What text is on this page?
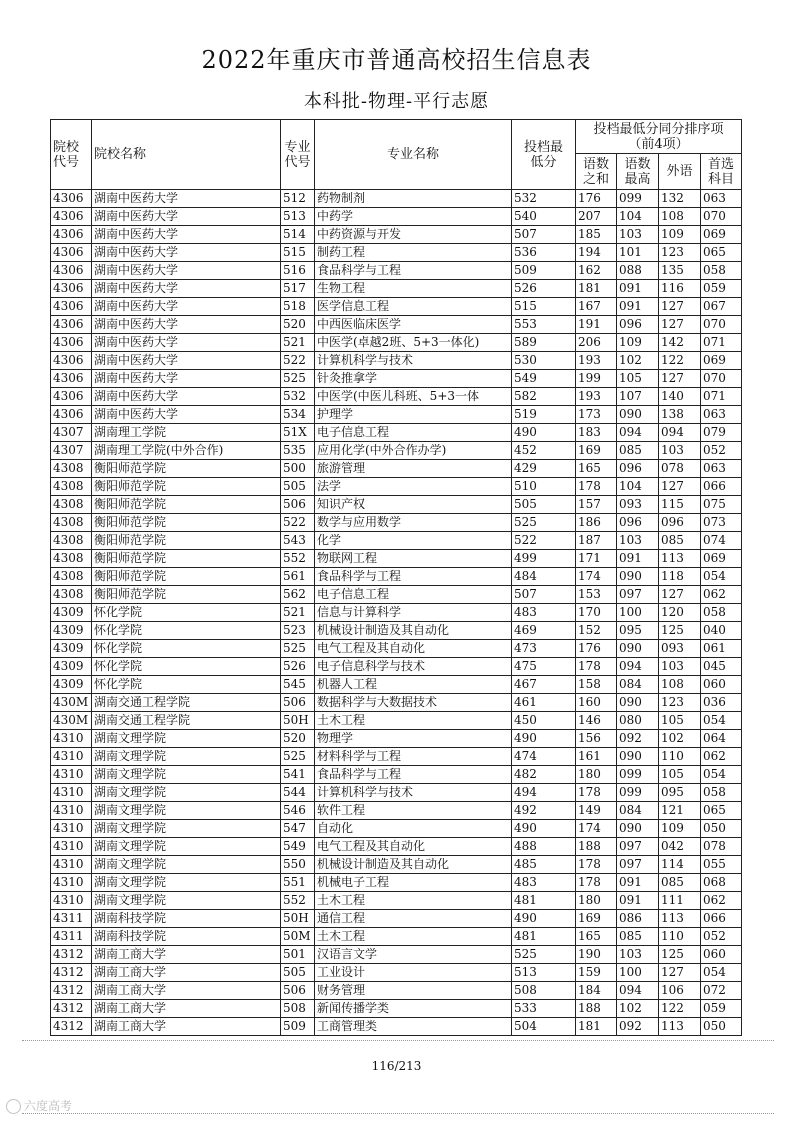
2022年重庆市普通高校招生信息表
本科批-物理-平行志愿
院校代号	院校名称	专业代号	专业名称	投档最低分	投档最低分同分排序项（前4项）			
					语数之和	语数最高	外语	首选科目
4306	湖南中医药大学	512	药物制剂	532	176	099	132	063
4306	湖南中医药大学	513	中药学	540	207	104	108	070
4306	湖南中医药大学	514	中药资源与开发	507	185	103	109	069
4306	湖南中医药大学	515	制药工程	536	194	101	123	065
4306	湖南中医药大学	516	食品科学与工程	509	162	088	135	058
4306	湖南中医药大学	517	生物工程	526	181	091	116	059
4306	湖南中医药大学	518	医学信息工程	515	167	091	127	067
4306	湖南中医药大学	520	中西医临床医学	553	191	096	127	070
4306	湖南中医药大学	521	中医学(卓越2班、5+3一体化)	589	206	109	142	071
4306	湖南中医药大学	522	计算机科学与技术	530	193	102	122	069
4306	湖南中医药大学	525	针灸推拿学	549	199	105	127	070
4306	湖南中医药大学	532	中医学(中医儿科班、5+3一体	582	193	107	140	071
4306	湖南中医药大学	534	护理学	519	173	090	138	063
4307	湖南理工学院	51X	电子信息工程	490	183	094	094	079
4307	湖南理工学院(中外合作)	535	应用化学(中外合作办学)	452	169	085	103	052
4308	衡阳师范学院	500	旅游管理	429	165	096	078	063
4308	衡阳师范学院	505	法学	510	178	104	127	066
4308	衡阳师范学院	506	知识产权	505	157	093	115	075
4308	衡阳师范学院	522	数学与应用数学	525	186	096	096	073
4308	衡阳师范学院	543	化学	522	187	103	085	074
4308	衡阳师范学院	552	物联网工程	499	171	091	113	069
4308	衡阳师范学院	561	食品科学与工程	484	174	090	118	054
4308	衡阳师范学院	562	电子信息工程	507	153	097	127	062
4309	怀化学院	521	信息与计算科学	483	170	100	120	058
4309	怀化学院	523	机械设计制造及其自动化	469	152	095	125	040
4309	怀化学院	525	电气工程及其自动化	473	176	090	093	061
4309	怀化学院	526	电子信息科学与技术	475	178	094	103	045
4309	怀化学院	545	机器人工程	467	158	084	108	060
430M	湖南交通工程学院	506	数据科学与大数据技术	461	160	090	123	036
430M	湖南交通工程学院	50H	土木工程	450	146	080	105	054
4310	湖南文理学院	520	物理学	490	156	092	102	064
4310	湖南文理学院	525	材料科学与工程	474	161	090	110	062
4310	湖南文理学院	541	食品科学与工程	482	180	099	105	054
4310	湖南文理学院	544	计算机科学与技术	494	178	099	095	058
4310	湖南文理学院	546	软件工程	492	149	084	121	065
4310	湖南文理学院	547	自动化	490	174	090	109	050
4310	湖南文理学院	549	电气工程及其自动化	488	188	097	042	078
4310	湖南文理学院	550	机械设计制造及其自动化	485	178	097	114	055
4310	湖南文理学院	551	机械电子工程	483	178	091	085	068
4310	湖南文理学院	552	土木工程	481	180	091	111	062
4311	湖南科技学院	50H	通信工程	490	169	086	113	066
4311	湖南科技学院	50M	土木工程	481	165	085	110	052
4312	湖南工商大学	501	汉语言文学	525	190	103	125	060
4312	湖南工商大学	505	工业设计	513	159	100	127	054
4312	湖南工商大学	506	财务管理	508	184	094	106	072
4312	湖南工商大学	508	新闻传播学类	533	188	102	122	059
4312	湖南工商大学	509	工商管理类	504	181	092	113	050
116/213
六度高考
